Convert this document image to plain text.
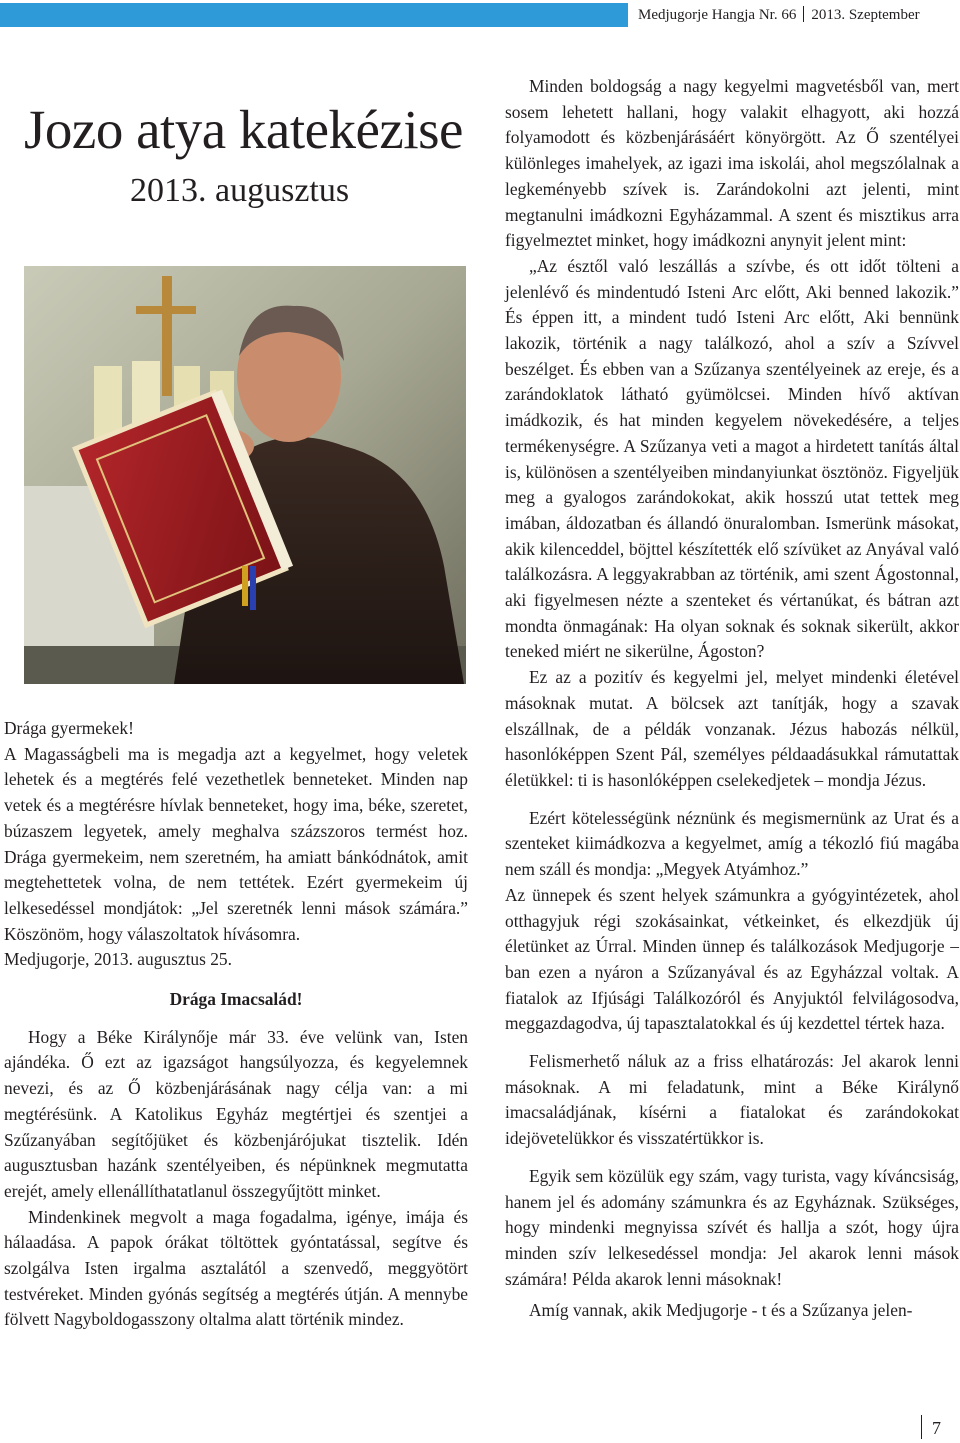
Medjugorje Hangja Nr. 66 2013. Szeptember
Jozo atya katekézise
2013. augusztus

Drága gyermekek!

A Magasságbeli ma is megadja azt a kegyelmet, hogy veletek lehetek és a megtérés felé vezethetlek benneteket. Minden nap vetek és a megtérésre hívlak benneteket, hogy ima, béke, szeretet, búzaszem legyetek, amely meghalva százszoros termést hoz. Drága gyermekeim, nem szeretném, ha amiatt bánkódnátok, amit megtehettetek volna, de nem tettétek. Ezért gyermekeim új lelkesedéssel mondjátok: „Jel szeretnék lenni mások számára.” Köszönöm, hogy válaszoltatok hívásomra.

Medjugorje, 2013. augusztus 25.

Drága Imacsalád!

Hogy a Béke Királynője már 33. éve velünk van, Isten ajándéka. Ő ezt az igazságot hangsúlyozza, és kegyelemnek nevezi, és az Ő közbenjárásának nagy célja van: a mi megtérésünk. A Katolikus Egyház megtértjei és szentjei a Szűzanyában segítőjüket és közbenjárójukat tisztelik. Idén augusztusban hazánk szentélyeiben, és népünknek megmutatta erejét, amely ellenállíthatatlanul összegyűjtött minket.

Mindenkinek megvolt a maga fogadalma, igénye, imája és hálaadása. A papok órákat töltöttek gyóntatással, segítve és szolgálva Isten irgalma asztalától a szenvedő, meggyötört testvéreket. Minden gyónás segítség a megtérés útján. A mennybe fölvett Nagyboldogasszony oltalma alatt történik mindez.

Minden boldogság a nagy kegyelmi magvetésből van, mert sosem lehetett hallani, hogy valakit elhagyott, aki hozzá folyamodott és közbenjárásáért könyörgött. Az Ő szentélyei különleges imahelyek, az igazi ima iskolái, ahol megszólalnak a legkeményebb szívek is. Zarándokolni azt jelenti, mint megtanulni imádkozni Egyházammal. A szent és misztikus arra figyelmeztet minket, hogy imádkozni anynyit jelent mint:

„Az észtől való leszállás a szívbe, és ott időt tölteni a jelenlévő és mindentudó Isteni Arc előtt, Aki benned lakozik.” És éppen itt, a mindent tudó Isteni Arc előtt, Aki bennünk lakozik, történik a nagy találkozó, ahol a szív a Szívvel beszélget. És ebben van a Szűzanya szentélyeinek az ereje, és a zarándoklatok látható gyümölcsei. Minden hívő aktívan imádkozik, és hat minden kegyelem növekedésére, a teljes termékenységre. A Szűzanya veti a magot a hirdetett tanítás által is, különösen a szentélyeiben mindanyiunkat ösztönöz. Figyeljük meg a gyalogos zarándokokat, akik hosszú utat tettek meg imában, áldozatban és állandó önuralomban. Ismerünk másokat, akik kilenceddel, böjttel készítették elő szívüket az Anyával való találkozásra. A leggyakrabban az történik, ami szent Ágostonnal, aki figyelmesen nézte a szenteket és vértanúkat, és bátran azt mondta önmagának: Ha olyan soknak és soknak sikerült, akkor teneked miért ne sikerülne, Ágoston?

Ez az a pozitív és kegyelmi jel, melyet mindenki életével másoknak mutat. A bölcsek azt tanítják, hogy a szavak elszállnak, de a példák vonzanak. Jézus habozás nélkül, hasonlóképpen Szent Pál, személyes példaadásukkal rámutattak életükkel: ti is hasonlóképpen cselekedjetek – mondja Jézus.

Ezért kötelességünk néznünk és megismernünk az Urat és a szenteket kiimádkozva a kegyelmet, amíg a tékozló fiú magába nem száll és mondja: „Megyek Atyámhoz.”

Az ünnepek és szent helyek számunkra a gyógyintézetek, ahol otthagyjuk régi szokásainkat, vétkeinket, és elkezdjük új életünket az Úrral. Minden ünnep és találkozások Medjugorje –ban ezen a nyáron a Szűzanyával és az Egyházzal voltak. A fiatalok az Ifjúsági Találkozóról és Anyjuktól felvilágosodva, meggazdagodva, új tapasztalatokkal és új kezdettel tértek haza.

Felismerhető náluk az a friss elhatározás: Jel akarok lenni másoknak. A mi feladatunk, mint a Béke Királynő imacsaládjának, kísérni a fiatalokat és zarándokokat idejövetelükkor és visszatértükkor is.

Egyik sem közülük egy szám, vagy turista, vagy kíváncsiság, hanem jel és adomány számunkra és az Egyháznak. Szükséges, hogy mindenki megnyissa szívét és hallja a szót, hogy újra minden szív lelkesedéssel mondja: Jel akarok lenni mások számára! Példa akarok lenni másoknak!

Amíg vannak, akik Medjugorje - t és a Szűzanya jelen-

7
